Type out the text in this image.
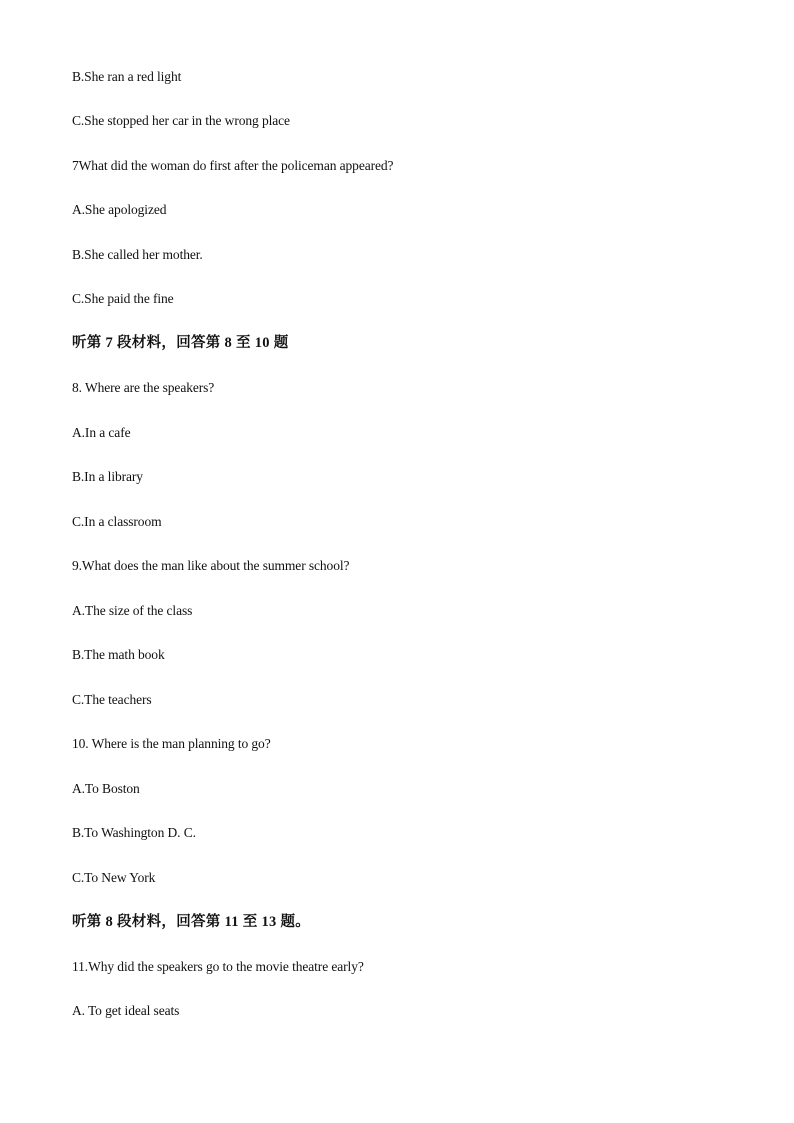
B.She ran a red light
C.She stopped her car in the wrong place
7What did the woman do first after the policeman appeared?
A.She apologized
B.She called her mother.
C.She paid the fine
听第 7 段材料，回答第 8 至 10 题
8. Where are the speakers?
A.In a cafe
B.In a library
C.In a classroom
9.What does the man like about the summer school?
A.The size of the class
B.The math book
C.The teachers
10. Where is the man planning to go?
A.To Boston
B.To Washington D. C.
C.To New York
听第 8 段材料，回答第 11 至 13 题。
11.Why did the speakers go to the movie theatre early?
A. To get ideal seats
